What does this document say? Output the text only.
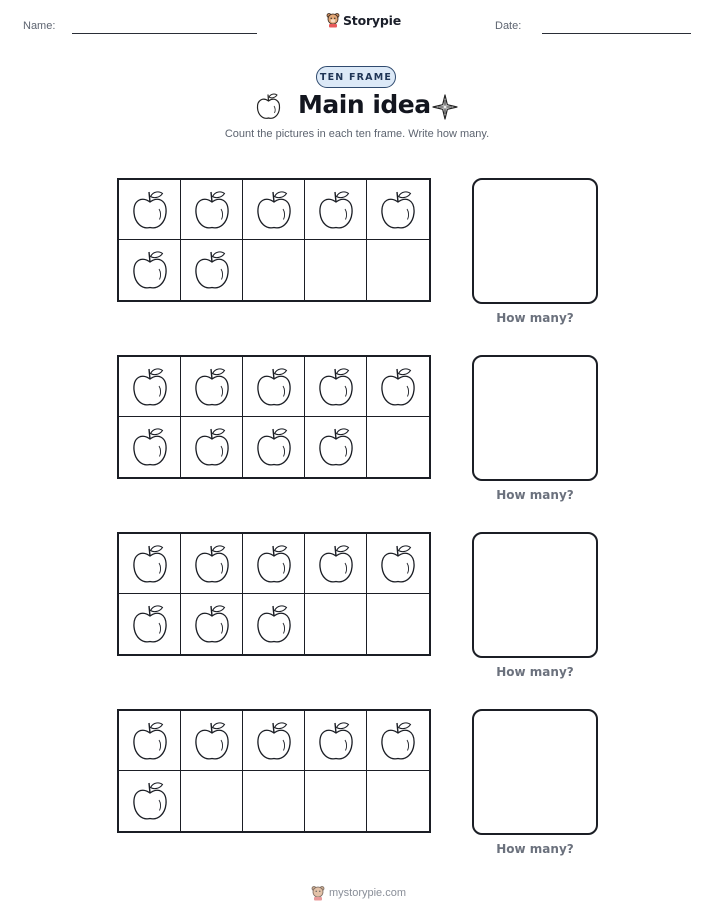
Name:	Storypie	Date:
TEN FRAME
Main idea
Count the pictures in each ten frame. Write how many.
How many?
How many?
How many?
How many?
mystorypie.com
